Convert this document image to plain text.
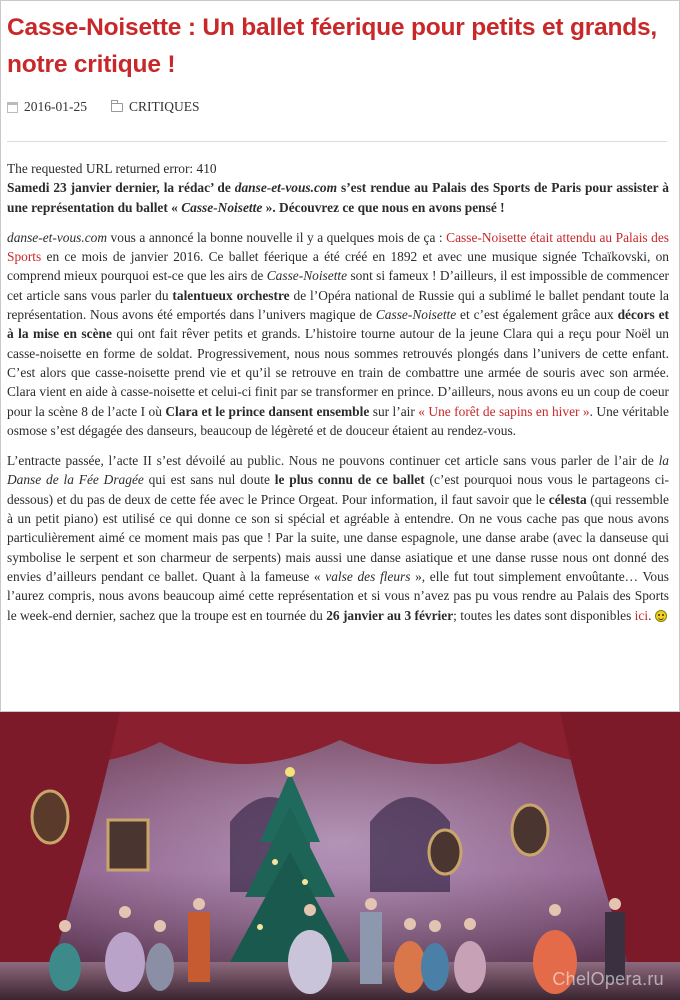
Casse-Noisette : Un ballet féerique pour petits et grands, notre critique !
2016-01-25	CRITIQUES

The requested URL returned error: 410

Samedi 23 janvier dernier, la rédac’ de danse-et-vous.com s’est rendue au Palais des Sports de Paris pour assister à une représentation du ballet « Casse-Noisette ». Découvrez ce que nous en avons pensé !

danse-et-vous.com vous a annoncé la bonne nouvelle il y a quelques mois de ça : Casse-Noisette était attendu au Palais des Sports en ce mois de janvier 2016. Ce ballet féerique a été créé en 1892 et avec une musique signée Tchaïkovski, on comprend mieux pourquoi est-ce que les airs de Casse-Noisette sont si fameux ! D’ailleurs, il est impossible de commencer cet article sans vous parler du talentueux orchestre de l’Opéra national de Russie qui a sublimé le ballet pendant toute la représentation. Nous avons été emportés dans l’univers magique de Casse-Noisette et c’est également grâce aux décors et à la mise en scène qui ont fait rêver petits et grands. L’histoire tourne autour de la jeune Clara qui a reçu pour Noël un casse-noisette en forme de soldat. Progressivement, nous nous sommes retrouvés plongés dans l’univers de cette enfant. C’est alors que casse-noisette prend vie et qu’il se retrouve en train de combattre une armée de souris avec son armée. Clara vient en aide à casse-noisette et celui-ci finit par se transformer en prince. D’ailleurs, nous avons eu un coup de coeur pour la scène 8 de l’acte I où Clara et le prince dansent ensemble sur l’air « Une forêt de sapins en hiver ». Une véritable osmose s’est dégagée des danseurs, beaucoup de légèreté et de douceur étaient au rendez-vous.

L’entracte passée, l’acte II s’est dévoilé au public. Nous ne pouvons continuer cet article sans vous parler de l’air de la Danse de la Fée Dragée qui est sans nul doute le plus connu de ce ballet (c’est pourquoi nous vous le partageons ci-dessous) et du pas de deux de cette fée avec le Prince Orgeat. Pour information, il faut savoir que le célesta (qui ressemble à un petit piano) est utilisé ce qui donne ce son si spécial et agréable à entendre. On ne vous cache pas que nous avons particulièrement aimé ce moment mais pas que ! Par la suite, une danse espagnole, une danse arabe (avec la danseuse qui symbolise le serpent et son charmeur de serpents) mais aussi une danse asiatique et une danse russe nous ont donné des envies d’ailleurs pendant ce ballet. Quant à la fameuse « valse des fleurs », elle fut tout simplement envoûtante… Vous l’aurez compris, nous avons beaucoup aimé cette représentation et si vous n’avez pas pu vous rendre au Palais des Sports le week-end dernier, sachez que la troupe est en tournée du 26 janvier au 3 février; toutes les dates sont disponibles ici.

ChelOpera.ru
